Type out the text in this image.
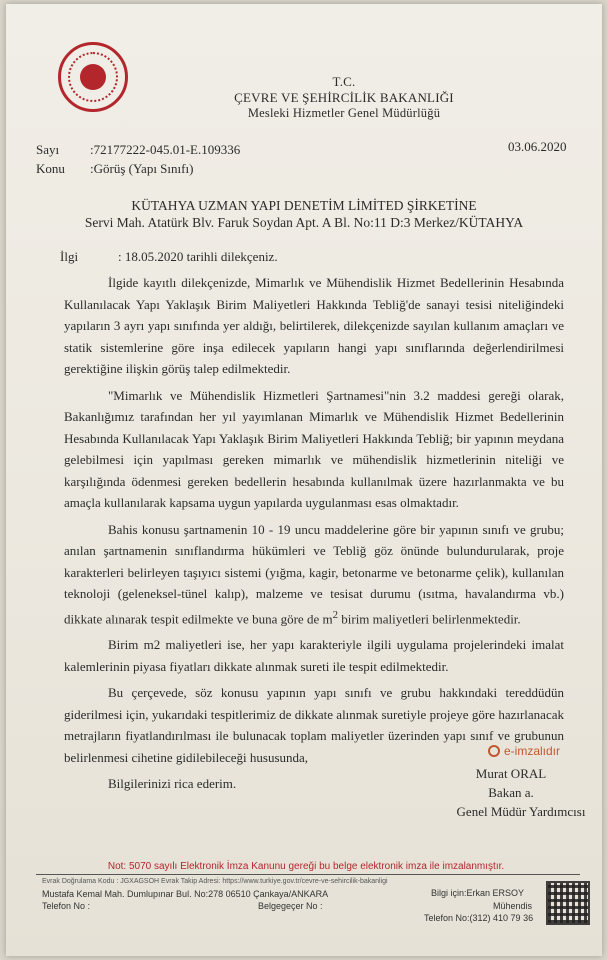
T.C.
ÇEVRE VE ŞEHİRCİLİK BAKANLIĞI
Mesleki Hizmetler Genel Müdürlüğü
Sayı :72177222-045.01-E.109336	03.06.2020
Konu :Görüş (Yapı Sınıfı)
KÜTAHYA UZMAN YAPI DENETİM LİMİTED ŞİRKETİNE
Servi Mah. Atatürk Blv. Faruk Soydan Apt. A Bl. No:11 D:3 Merkez/KÜTAHYA
İlgi	: 18.05.2020 tarihli dilekçeniz.

İlgide kayıtlı dilekçenizde, Mimarlık ve Mühendislik Hizmet Bedellerinin Hesabında Kullanılacak Yapı Yaklaşık Birim Maliyetleri Hakkında Tebliğ'de sanayi tesisi niteliğindeki yapıların 3 ayrı yapı sınıfında yer aldığı, belirtilerek, dilekçenizde sayılan kullanım amaçları ve statik sistemlerine göre inşa edilecek yapıların hangi yapı sınıflarında değerlendirilmesi gerektiğine ilişkin görüş talep edilmektedir.

"Mimarlık ve Mühendislik Hizmetleri Şartnamesi"nin 3.2 maddesi gereği olarak, Bakanlığımız tarafından her yıl yayımlanan Mimarlık ve Mühendislik Hizmet Bedellerinin Hesabında Kullanılacak Yapı Yaklaşık Birim Maliyetleri Hakkında Tebliğ; bir yapının meydana gelebilmesi için yapılması gereken mimarlık ve mühendislik hizmetlerinin niteliği ve karşılığında ödenmesi gereken bedellerin hesabında kullanılmak üzere hazırlanmakta ve bu amaçla kullanılarak kapsama uygun yapılarda uygulanması esas olmaktadır.

Bahis konusu şartnamenin 10 - 19 uncu maddelerine göre bir yapının sınıfı ve grubu; anılan şartnamenin sınıflandırma hükümleri ve Tebliğ göz önünde bulundurularak, proje karakterleri belirleyen taşıyıcı sistemi (yığma, kagir, betonarme ve betonarme çelik), kullanılan teknoloji (geleneksel-tünel kalıp), malzeme ve tesisat durumu (ısıtma, havalandırma vb.) dikkate alınarak tespit edilmekte ve buna göre de $m^2$ birim maliyetleri belirlenmektedir.

Birim m2 maliyetleri ise, her yapı karakteriyle ilgili uygulama projelerindeki imalat kalemlerinin piyasa fiyatları dikkate alınmak sureti ile tespit edilmektedir.

Bu çerçevede, söz konusu yapının yapı sınıfı ve grubu hakkındaki tereddüdün giderilmesi için, yukarıdaki tespitlerimiz de dikkate alınmak suretiyle projeye göre hazırlanacak metrajların fiyatlandırılması ile bulunacak toplam maliyetler üzerinden yapı sınıf ve grubunun belirlenmesi cihetine gidilebileceği hususunda,

Bilgilerinizi rica ederim.

e-imzalıdır
Murat ORAL
Bakan a.
Genel Müdür Yardımcısı
Not: 5070 sayılı Elektronik İmza Kanunu gereği bu belge elektronik imza ile imzalanmıştır.
Evrak Doğrulama Kodu : JGXAGSOH Evrak Takip Adresi: https://www.turkiye.gov.tr/cevre-ve-sehircilik-bakanligi
Mustafa Kemal Mah. Dumlupınar Bul. No:278 06510 Çankaya/ANKARA
Telefon No :	Belgegeçer No :
Bilgi için:Erkan ERSOY
Mühendis
Telefon No:(312) 410 79 36
